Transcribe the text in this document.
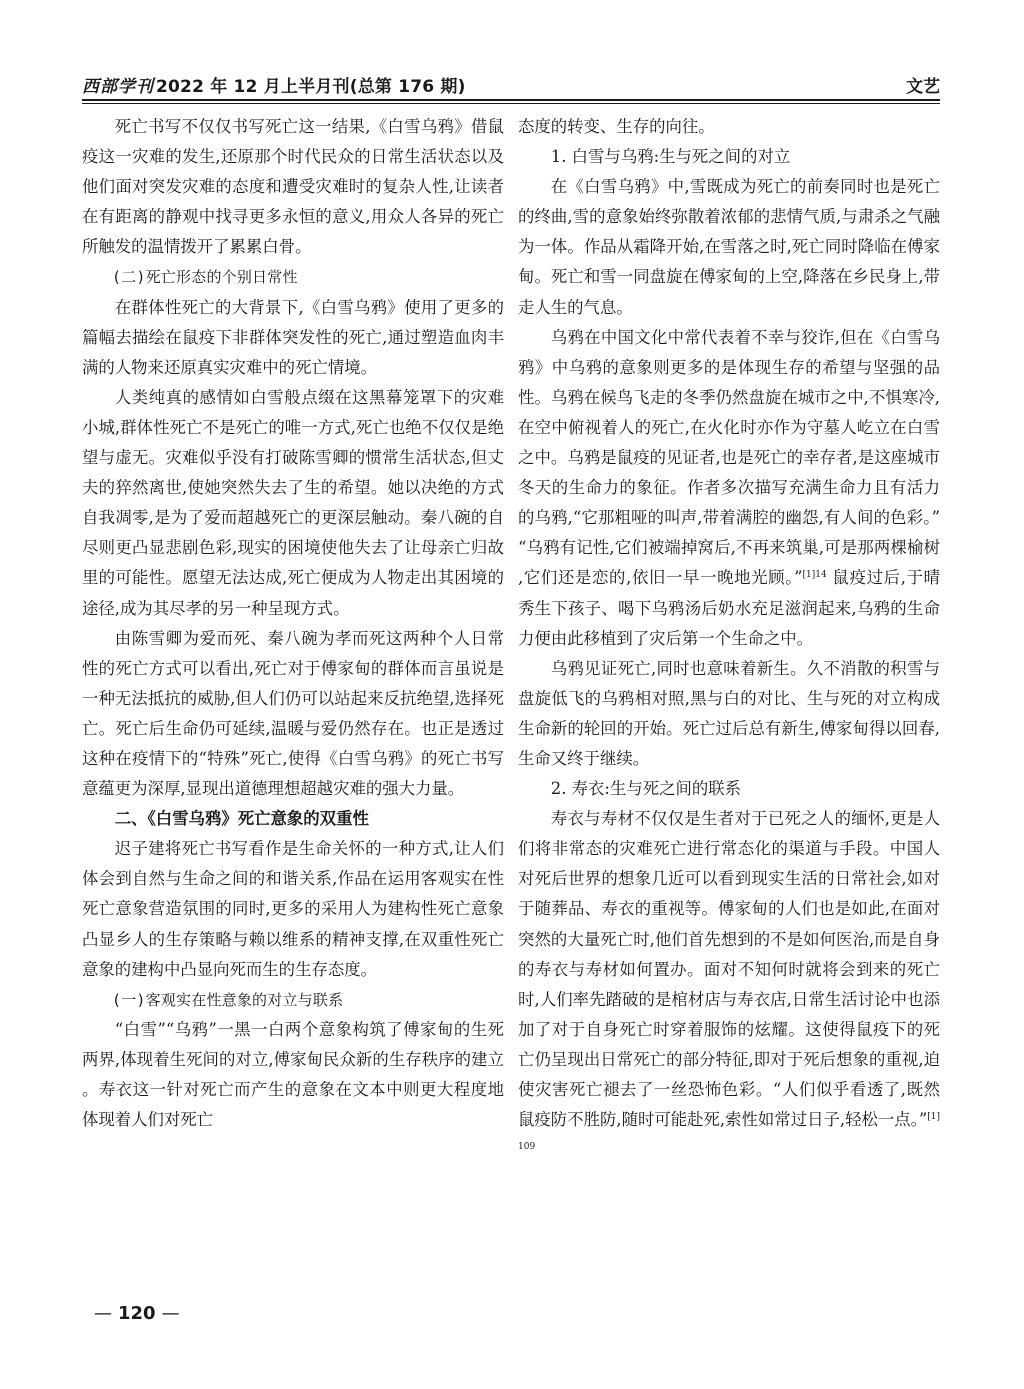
西部学刊 2022 年 12 月上半月刊(总第 176 期)	文艺

死亡书写不仅仅书写死亡这一结果,《白雪乌鸦》借鼠疫这一灾难的发生,还原那个时代民众的日常生活状态以及他们面对突发灾难的态度和遭受灾难时的复杂人性,让读者在有距离的静观中找寻更多永恒的意义,用众人各异的死亡所触发的温情拨开了累累白骨。

(二)死亡形态的个别日常性

在群体性死亡的大背景下,《白雪乌鸦》使用了更多的篇幅去描绘在鼠疫下非群体突发性的死亡,通过塑造血肉丰满的人物来还原真实灾难中的死亡情境。

人类纯真的感情如白雪般点缀在这黑幕笼罩下的灾难小城,群体性死亡不是死亡的唯一方式,死亡也绝不仅仅是绝望与虚无。灾难似乎没有打破陈雪卿的惯常生活状态,但丈夫的猝然离世,使她突然失去了生的希望。她以决绝的方式自我凋零,是为了爱而超越死亡的更深层触动。秦八碗的自尽则更凸显悲剧色彩,现实的困境使他失去了让母亲亡归故里的可能性。愿望无法达成,死亡便成为人物走出其困境的途径,成为其尽孝的另一种呈现方式。

由陈雪卿为爱而死、秦八碗为孝而死这两种个人日常性的死亡方式可以看出,死亡对于傅家甸的群体而言虽说是一种无法抵抗的威胁,但人们仍可以站起来反抗绝望,选择死亡。死亡后生命仍可延续,温暖与爱仍然存在。也正是透过这种在疫情下的“特殊”死亡,使得《白雪乌鸦》的死亡书写意蕴更为深厚,显现出道德理想超越灾难的强大力量。

二、《白雪乌鸦》死亡意象的双重性

迟子建将死亡书写看作是生命关怀的一种方式,让人们体会到自然与生命之间的和谐关系,作品在运用客观实在性死亡意象营造氛围的同时,更多的采用人为建构性死亡意象凸显乡人的生存策略与赖以维系的精神支撑,在双重性死亡意象的建构中凸显向死而生的生存态度。

(一)客观实在性意象的对立与联系

“白雪”“乌鸦”一黑一白两个意象构筑了傅家甸的生死两界,体现着生死间的对立,傅家甸民众新的生存秩序的建立。寿衣这一针对死亡而产生的意象在文本中则更大程度地体现着人们对死亡

态度的转变、生存的向往。

1. 白雪与乌鸦:生与死之间的对立

在《白雪乌鸦》中,雪既成为死亡的前奏同时也是死亡的终曲,雪的意象始终弥散着浓郁的悲情气质,与肃杀之气融为一体。作品从霜降开始,在雪落之时,死亡同时降临在傅家甸。死亡和雪一同盘旋在傅家甸的上空,降落在乡民身上,带走人生的气息。

乌鸦在中国文化中常代表着不幸与狡诈,但在《白雪乌鸦》中乌鸦的意象则更多的是体现生存的希望与坚强的品性。乌鸦在候鸟飞走的冬季仍然盘旋在城市之中,不惧寒冷,在空中俯视着人的死亡,在火化时亦作为守墓人屹立在白雪之中。乌鸦是鼠疫的见证者,也是死亡的幸存者,是这座城市冬天的生命力的象征。作者多次描写充满生命力且有活力的乌鸦,“它那粗哑的叫声,带着满腔的幽怨,有人间的色彩。”“乌鸦有记性,它们被端掉窝后,不再来筑巢,可是那两棵榆树,它们还是恋的,依旧一早一晚地光顾。”$^{[1]14}$ 鼠疫过后,于晴秀生下孩子、喝下乌鸦汤后奶水充足滋润起来,乌鸦的生命力便由此移植到了灾后第一个生命之中。

乌鸦见证死亡,同时也意味着新生。久不消散的积雪与盘旋低飞的乌鸦相对照,黑与白的对比、生与死的对立构成生命新的轮回的开始。死亡过后总有新生,傅家甸得以回春,生命又终于继续。

2. 寿衣:生与死之间的联系

寿衣与寿材不仅仅是生者对于已死之人的缅怀,更是人们将非常态的灾难死亡进行常态化的渠道与手段。中国人对死后世界的想象几近可以看到现实生活的日常社会,如对于随葬品、寿衣的重视等。傅家甸的人们也是如此,在面对突然的大量死亡时,他们首先想到的不是如何医治,而是自身的寿衣与寿材如何置办。面对不知何时就将会到来的死亡时,人们率先踏破的是棺材店与寿衣店,日常生活讨论中也添加了对于自身死亡时穿着服饰的炫耀。这使得鼠疫下的死亡仍呈现出日常死亡的部分特征,即对于死后想象的重视,迫使灾害死亡褪去了一丝恐怖色彩。“人们似乎看透了,既然鼠疫防不胜防,随时可能赴死,索性如常过日子,轻松一点。”$^{[1]109}$

— 120 —
